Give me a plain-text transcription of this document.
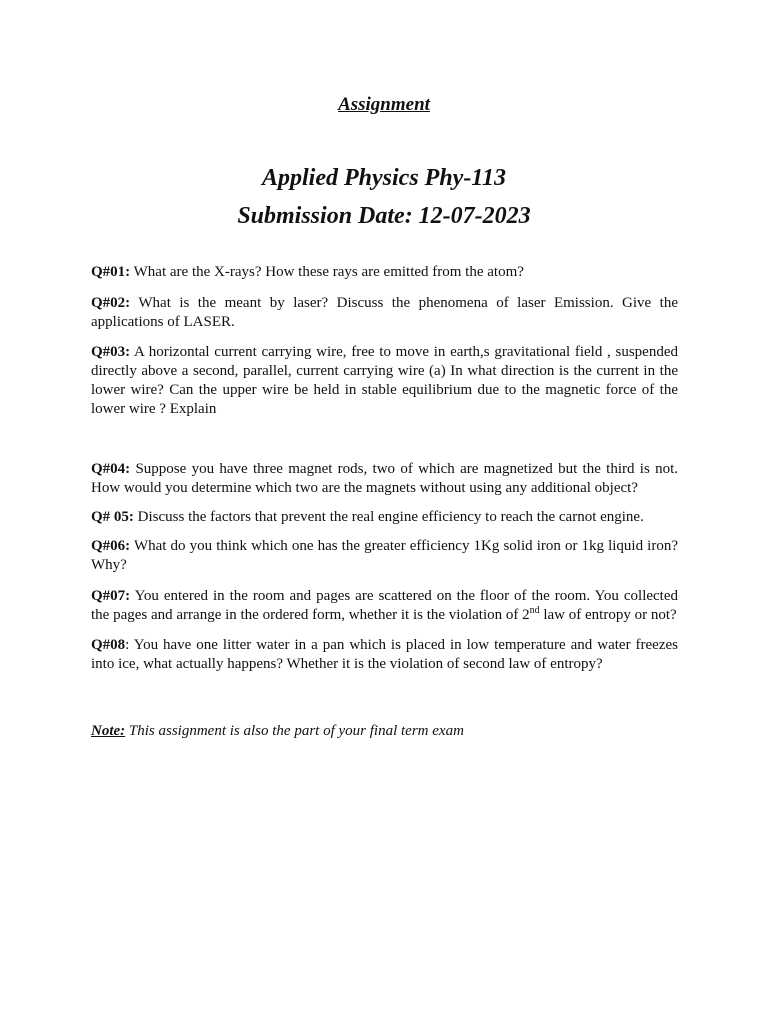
Assignment
Applied Physics Phy-113
Submission Date: 12-07-2023

Q#01: What are the X-rays? How these rays are emitted from the atom?

Q#02: What is the meant by laser? Discuss the phenomena of laser Emission. Give the applications of LASER.

Q#03: A horizontal current carrying wire, free to move in earth,s gravitational field , suspended directly above a second, parallel, current carrying wire (a) In what direction is the current in the lower wire? Can the upper wire be held in stable equilibrium due to the magnetic force of the lower wire ? Explain

Q#04: Suppose you have three magnet rods, two of which are magnetized but the third is not. How would you determine which two are the magnets without using any additional object?

Q# 05: Discuss the factors that prevent the real engine efficiency to reach the carnot engine.

Q#06: What do you think which one has the greater efficiency 1Kg solid iron or 1kg liquid iron? Why?

Q#07: You entered in the room and pages are scattered on the floor of the room. You collected the pages and arrange in the ordered form, whether it is the violation of 2nd law of entropy or not?

Q#08: You have one litter water in a pan which is placed in low temperature and water freezes into ice, what actually happens? Whether it is the violation of second law of entropy?

Note: This assignment is also the part of your final term exam
